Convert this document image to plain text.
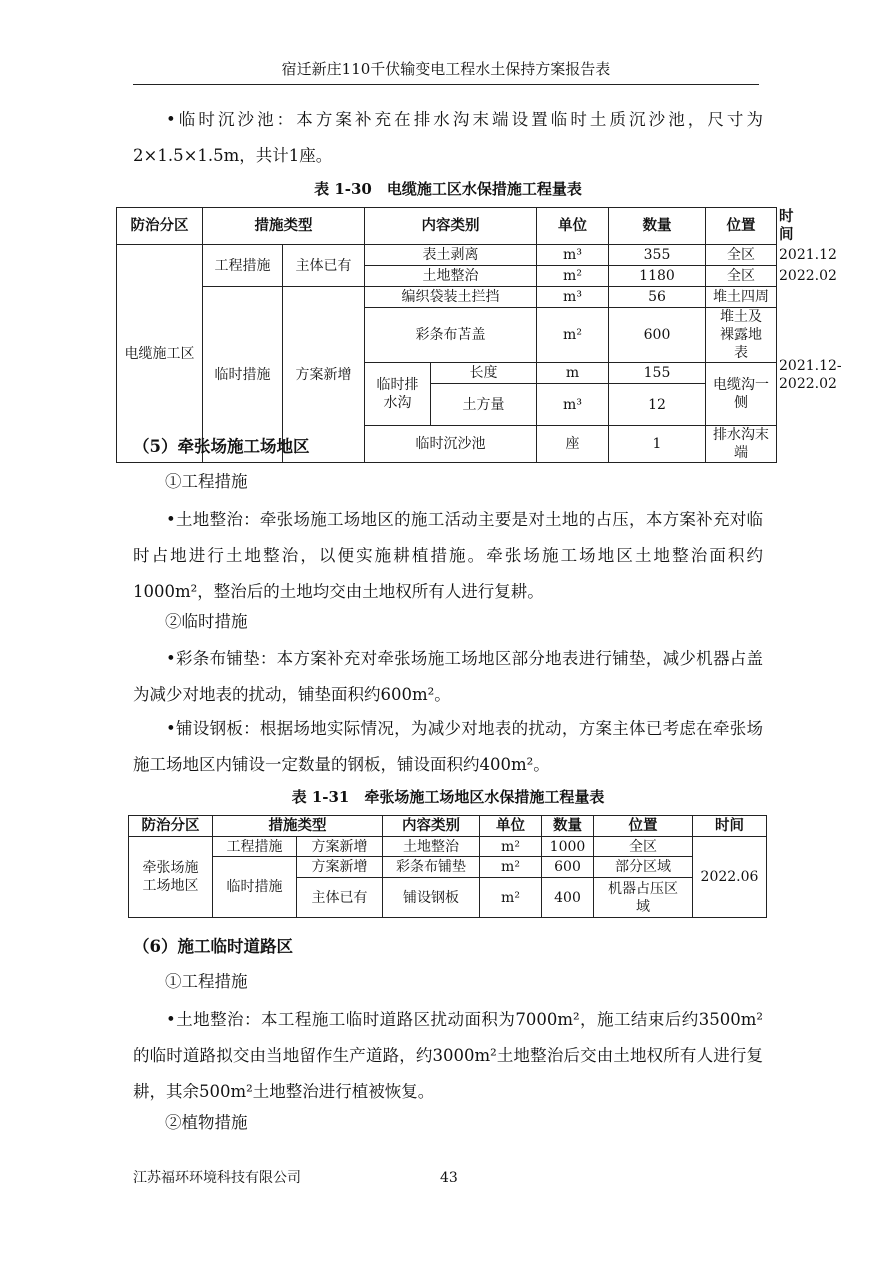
宿迁新庄110千伏输变电工程水土保持方案报告表

•临时沉沙池：本方案补充在排水沟末端设置临时土质沉沙池，尺寸为2×1.5×1.5m，共计1座。

表 1-30　电缆施工区水保措施工程量表
防治分区	措施类型		内容类别		单位	数量	位置	时间
电缆施工区	工程措施	主体已有	表土剥离		m³	355	全区	2021.12
			土地整治		m²	1180	全区	2022.02
	临时措施	方案新增	编织袋装土拦挡		m³	56	堆土四周	2021.12-2022.02
			彩条布苫盖		m²	600	堆土及裸露地表	
			临时排水沟	长度	m	155	电缆沟一侧	
				土方量	m³	12		
			临时沉沙池		座	1	排水沟末端	
（5）牵张场施工场地区
①工程措施

•土地整治：牵张场施工场地区的施工活动主要是对土地的占压，本方案补充对临时占地进行土地整治，以便实施耕植措施。牵张场施工场地区土地整治面积约1000m²，整治后的土地均交由土地权所有人进行复耕。

②临时措施

•彩条布铺垫：本方案补充对牵张场施工场地区部分地表进行铺垫，减少机器占盖为减少对地表的扰动，铺垫面积约600m²。

•铺设钢板：根据场地实际情况，为减少对地表的扰动，方案主体已考虑在牵张场施工场地区内铺设一定数量的钢板，铺设面积约400m²。

表 1-31　牵张场施工场地区水保措施工程量表
防治分区	措施类型		内容类别	单位	数量	位置	时间
牵张场施工场地区	工程措施	方案新增	土地整治	m²	1000	全区	2022.06
	临时措施	方案新增	彩条布铺垫	m²	600	部分区域	
		主体已有	铺设钢板	m²	400	机器占压区域	
（6）施工临时道路区
①工程措施

•土地整治：本工程施工临时道路区扰动面积为7000m²，施工结束后约3500m²的临时道路拟交由当地留作生产道路，约3000m²土地整治后交由土地权所有人进行复耕，其余500m²土地整治进行植被恢复。

②植物措施
江苏福环环境科技有限公司	43
